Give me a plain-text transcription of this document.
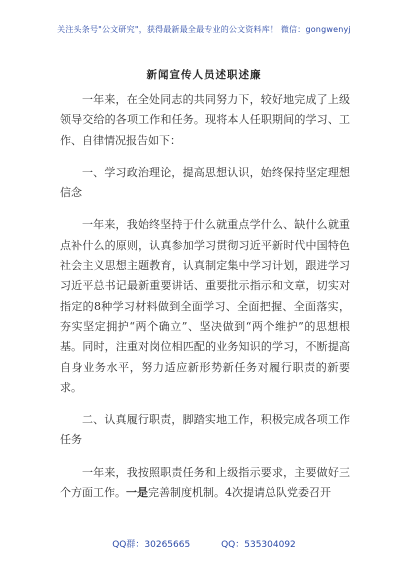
关注头条号"公文研究"，获得最新最全最专业的公文资料库！ 微信：gongwenyj
新闻宣传人员述职述廉

一年来，在全处同志的共同努力下，较好地完成了上级领导交给的各项工作和任务。现将本人任职期间的学习、工作、自律情况报告如下：

一、学习政治理论，提高思想认识，始终保持坚定理想信念

一年来，我始终坚持于什么就重点学什么、缺什么就重点补什么的原则，认真参加学习贯彻习近平新时代中国特色社会主义思想主题教育，认真制定集中学习计划，跟进学习习近平总书记最新重要讲话、重要批示指示和文章，切实对指定的8种学习材料做到全面学习、全面把握、全面落实，夯实坚定拥护“两个确立”、坚决做到“两个维护”的思想根基。同时，注重对岗位相匹配的业务知识的学习，不断提高自身业务水平，努力适应新形势新任务对履行职责的新要求。

二、认真履行职责，脚踏实地工作，积极完成各项工作任务

一年来，我按照职责任务和上级指示要求，主要做好三个方面工作。一是完善制度机制。4次提请总队党委召开

QQ群：30265665	QQ：535304092
